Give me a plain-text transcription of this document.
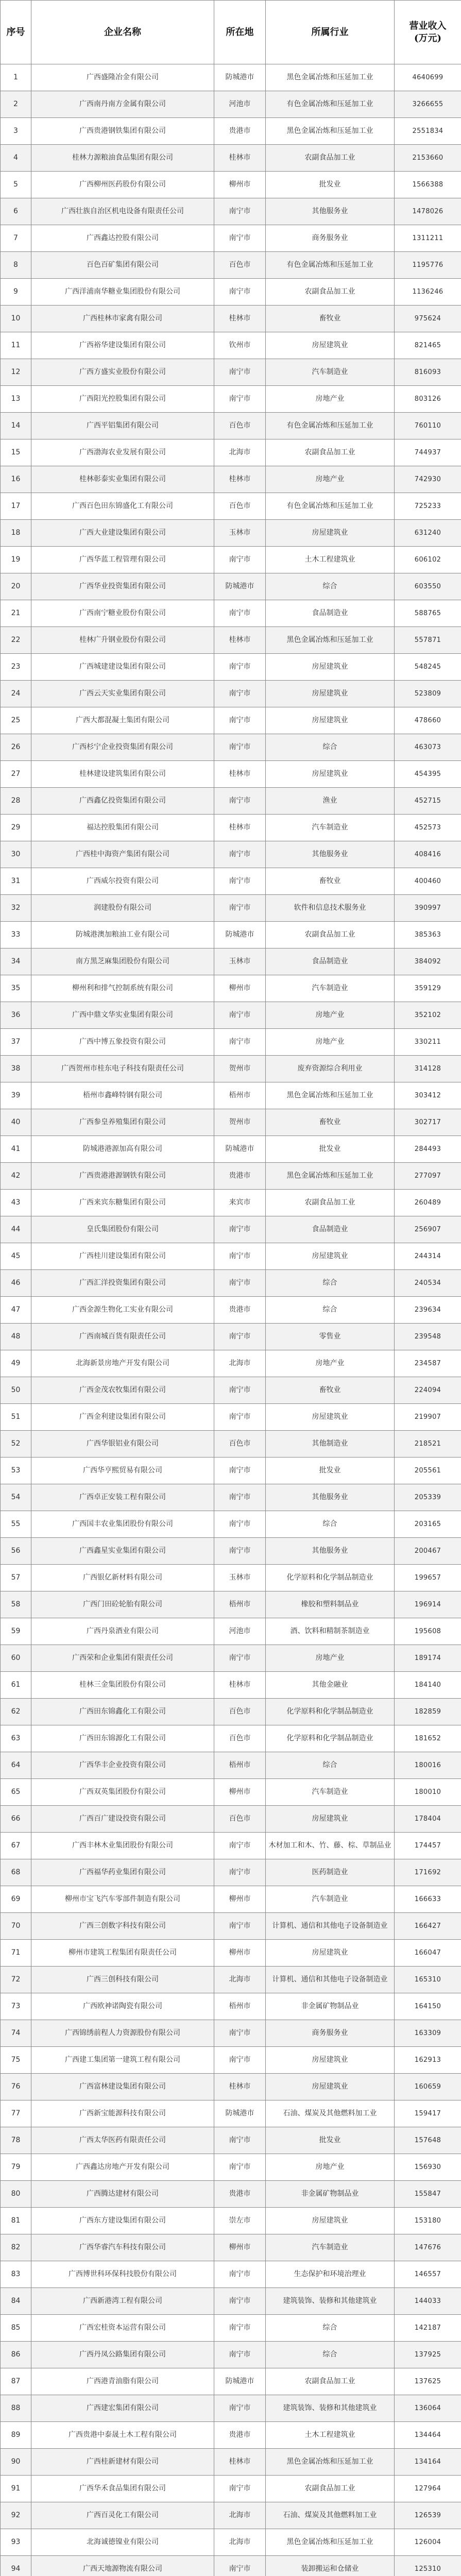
序号	企业名称	所在地	所属行业	营业收入
(万元)
1	广西盛隆冶金有限公司	防城港市	黑色金属冶炼和压延加工业	4640699
2	广西南丹南方金属有限公司	河池市	有色金属冶炼和压延加工业	3266655
3	广西贵港钢铁集团有限公司	贵港市	黑色金属冶炼和压延加工业	2551834
4	桂林力源粮油食品集团有限公司	桂林市	农副食品加工业	2153660
5	广西柳州医药股份有限公司	柳州市	批发业	1566388
6	广西壮族自治区机电设备有限责任公司	南宁市	其他服务业	1478026
7	广西鑫达控股有限公司	南宁市	商务服务业	1311211
8	百色百矿集团有限公司	百色市	有色金属冶炼和压延加工业	1195776
9	广西洋浦南华糖业集团股份有限公司	南宁市	农副食品加工业	1136246
10	广西桂林市家禽有限公司	桂林市	畜牧业	975624
11	广西裕华建设集团有限公司	钦州市	房屋建筑业	821465
12	广西方盛实业股份有限公司	南宁市	汽车制造业	816093
13	广西阳光控股集团有限公司	南宁市	房地产业	803126
14	广西平铝集团有限公司	百色市	有色金属冶炼和压延加工业	760110
15	广西渤海农业发展有限公司	北海市	农副食品加工业	744937
16	桂林彰泰实业集团有限公司	桂林市	房地产业	742930
17	广西百色田东锦盛化工有限公司	百色市	有色金属冶炼和压延加工业	725233
18	广西大业建设集团有限公司	玉林市	房屋建筑业	631240
19	广西华蓝工程管理有限公司	南宁市	土木工程建筑业	606102
20	广西华业投资集团有限公司	防城港市	综合	603550
21	广西南宁糖业股份有限公司	南宁市	食品制造业	588765
22	桂林广升钢业股份有限公司	桂林市	黑色金属冶炼和压延加工业	557871
23	广西城建建设集团有限公司	南宁市	房屋建筑业	548245
24	广西云天实业集团有限公司	南宁市	房屋建筑业	523809
25	广西大都混凝土集团有限公司	南宁市	房屋建筑业	478660
26	广西杉宁企业投资集团有限公司	南宁市	综合	463073
27	桂林建设建筑集团有限公司	桂林市	房屋建筑业	454395
28	广西鑫亿投资集团有限公司	南宁市	渔业	452715
29	福达控股集团有限公司	桂林市	汽车制造业	452573
30	广西桂中海资产集团有限公司	南宁市	其他服务业	408416
31	广西威尔投资有限公司	南宁市	畜牧业	400460
32	润建股份有限公司	南宁市	软件和信息技术服务业	390997
33	防城港澳加粮油工业有限公司	防城港市	农副食品加工业	385363
34	南方黑芝麻集团股份有限公司	玉林市	食品制造业	384092
35	柳州利和排气控制系统有限公司	柳州市	汽车制造业	359129
36	广西中鼎文华实业集团有限公司	南宁市	房地产业	352102
37	广西中博五象投资有限公司	南宁市	房地产业	330211
38	广西贺州市桂东电子科技有限责任公司	贺州市	废弃资源综合利用业	314128
39	梧州市鑫峰特钢有限公司	梧州市	黑色金属冶炼和压延加工业	303412
40	广西参皇养殖集团有限公司	贺州市	畜牧业	302717
41	防城港港源加高有限公司	防城港市	批发业	284493
42	广西贵港港源钢铁有限公司	贵港市	黑色金属冶炼和压延加工业	277097
43	广西来宾东糖集团有限公司	来宾市	农副食品加工业	260489
44	皇氏集团股份有限公司	南宁市	食品制造业	256907
45	广西桂川建设集团有限公司	南宁市	房屋建筑业	244314
46	广西汇洋投资集团有限公司	南宁市	综合	240534
47	广西金源生物化工实业有限公司	贵港市	综合	239634
48	广西南城百货有限责任公司	南宁市	零售业	239548
49	北海新景房地产开发有限公司	北海市	房地产业	234587
50	广西金茂农牧集团有限公司	南宁市	畜牧业	224094
51	广西金利建设集团有限公司	南宁市	房屋建筑业	219907
52	广西华银铝业有限公司	百色市	其他制造业	218521
53	广西华亨熙贸易有限公司	南宁市	批发业	205561
54	广西卓正安装工程有限公司	南宁市	其他服务业	205339
55	广西国丰农业集团股份有限公司	南宁市	综合	203165
56	广西鑫星实业集团有限公司	南宁市	其他服务业	200467
57	广西银亿新材料有限公司	玉林市	化学原料和化学制品制造业	199657
58	广西门田砼轮胎有限公司	梧州市	橡胶和塑料制品业	196914
59	广西丹泉酒业有限公司	河池市	酒、饮料和精制茶制造业	195608
60	广西荣和企业集团有限责任公司	南宁市	房地产业	189174
61	桂林三金集团股份有限公司	桂林市	其他金融业	184140
62	广西田东锦鑫化工有限公司	百色市	化学原料和化学制品制造业	182859
63	广西田东锦源化工有限公司	百色市	化学原料和化学制品制造业	181652
64	广西华丰企业投资有限公司	梧州市	综合	180016
65	广西双英集团股份有限公司	柳州市	汽车制造业	180010
66	广西百广建设投资有限公司	百色市	房屋建筑业	178404
67	广西丰林木业集团股份有限公司	南宁市	木材加工和木、竹、藤、棕、草制品业	174457
68	广西福华药业集团有限公司	南宁市	医药制造业	171692
69	柳州市宝飞汽车零部件制造有限公司	柳州市	汽车制造业	166633
70	广西三创数字科技有限公司	南宁市	计算机、通信和其他电子设备制造业	166427
71	柳州市建筑工程集团有限责任公司	柳州市	房屋建筑业	166047
72	广西三创科技有限公司	北海市	计算机、通信和其他电子设备制造业	165310
73	广西欧神诺陶瓷有限公司	梧州市	非金属矿物制品业	164150
74	广西锦绣前程人力资源股份有限公司	南宁市	商务服务业	163309
75	广西建工集团第一建筑工程有限公司	南宁市	房屋建筑业	162913
76	广西富林建设集团有限公司	桂林市	房屋建筑业	160659
77	广西新宝能源科技有限公司	防城港市	石油、煤炭及其他燃料加工业	159417
78	广西太华医药有限责任公司	南宁市	批发业	157648
79	广西鑫达房地产开发有限公司	南宁市	房地产业	156930
80	广西腾达建材有限公司	贵港市	非金属矿物制品业	155847
81	广西东方建设集团有限公司	崇左市	房屋建筑业	153180
82	广西华睿汽车科技有限公司	柳州市	汽车制造业	147676
83	广西博世科环保科技股份有限公司	南宁市	生态保护和环境治理业	146557
84	广西新港湾工程有限公司	南宁市	建筑装饰、装修和其他建筑业	144033
85	广西宏桂资本运营有限公司	南宁市	综合	142187
86	广西丹凤公路集团有限公司	南宁市	综合	137925
87	广西港青油脂有限公司	防城港市	农副食品加工业	137625
88	广西建宏集团有限公司	南宁市	建筑装饰、装修和其他建筑业	136064
89	广西贵港中泰晟土木工程有限公司	贵港市	土木工程建筑业	134464
90	广西桂新建材有限公司	桂林市	黑色金属冶炼和压延加工业	134164
91	广西华禾食品集团有限公司	南宁市	农副食品加工业	127964
92	广西百灵化工有限公司	北海市	石油、煤炭及其他燃料加工业	126539
93	北海诚德镍业有限公司	北海市	黑色金属冶炼和压延加工业	126004
94	广西天地源物流有限公司	南宁市	装卸搬运和仓储业	125310
